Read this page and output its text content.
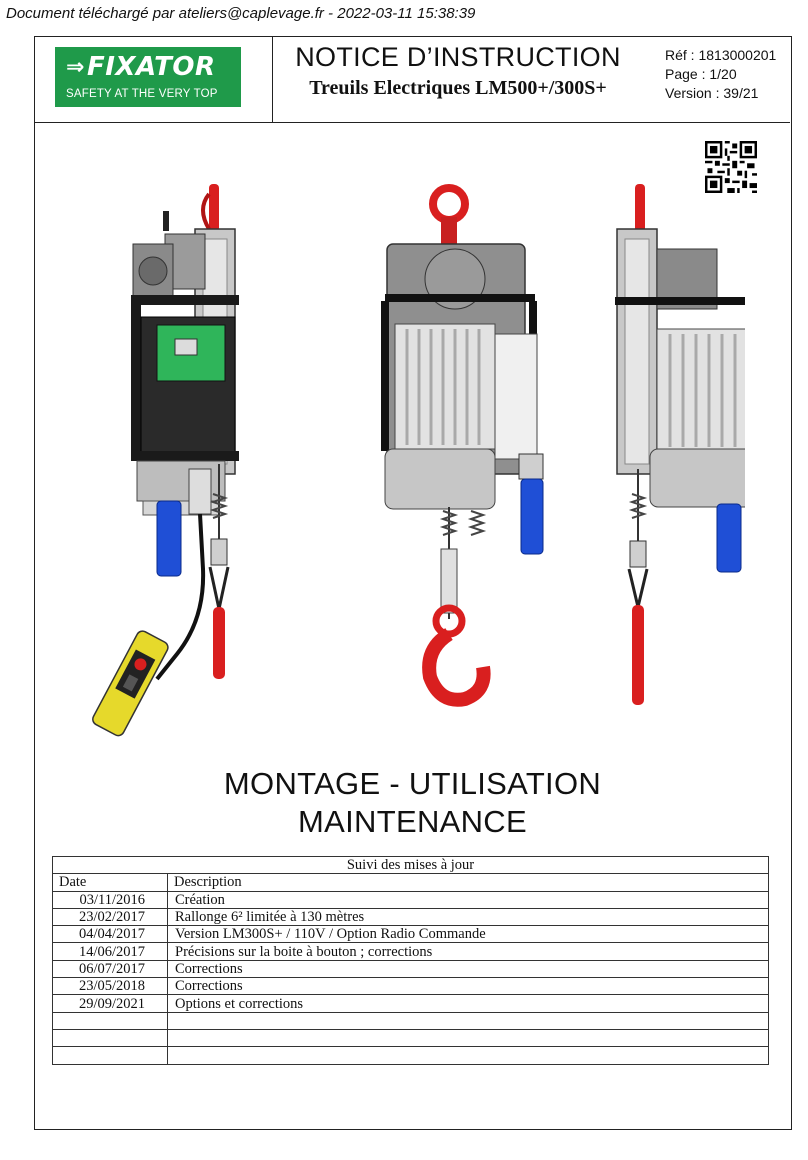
Document téléchargé par ateliers@caplevage.fr - 2022-03-11 15:38:39
⇒ FIXATOR
SAFETY AT THE VERY TOP
NOTICE D’INSTRUCTION
Treuils Electriques LM500+/300S+
Réf : 1813000201
Page : 1/20
Version : 39/21
MONTAGE - UTILISATION
MAINTENANCE
Suivi des mises à jour	
Date	Description
03/11/2016	Création
23/02/2017	Rallonge 6² limitée à 130 mètres
04/04/2017	Version LM300S+ / 110V / Option Radio Commande
14/06/2017	Précisions sur la boite à bouton ; corrections
06/07/2017	Corrections
23/05/2018	Corrections
29/09/2021	Options et corrections
